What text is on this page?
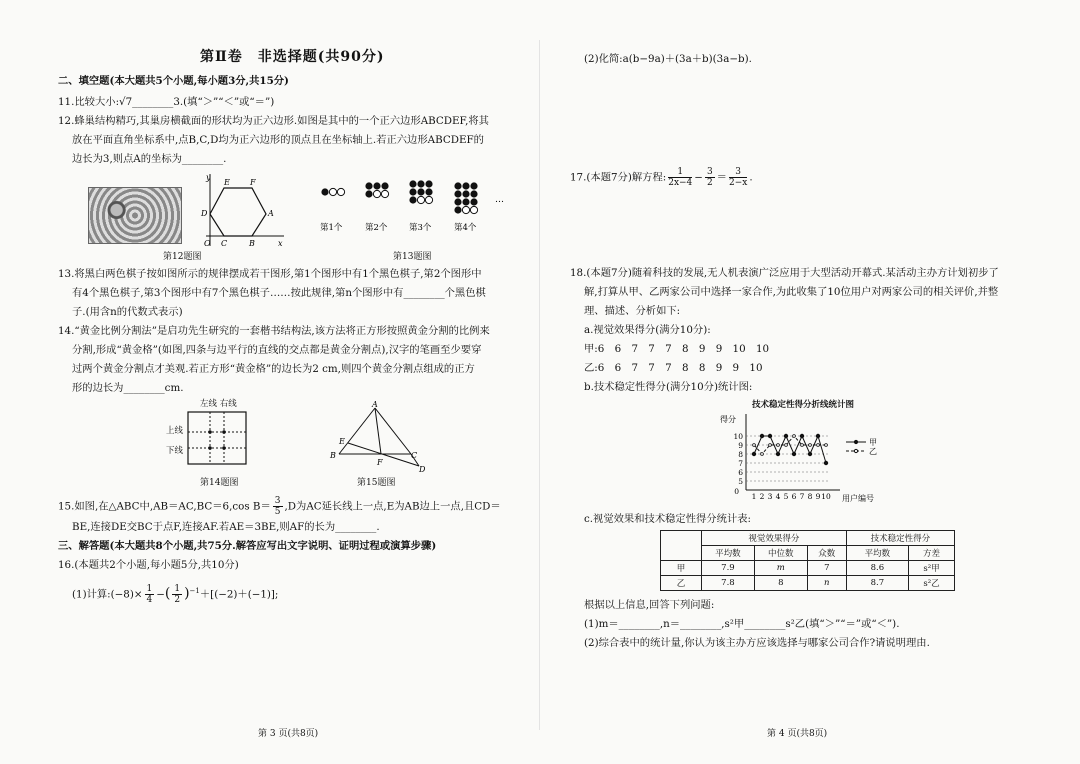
第Ⅱ卷　非选择题(共90分)
二、填空题(本大题共5个小题,每小题3分,共15分)
11.比较大小:√7________3.(填“＞”“＜”或“＝”)
12.蜂巢结构精巧,其巢房横截面的形状均为正六边形.如图是其中的一个正六边形ABCDEF,将其
放在平面直角坐标系中,点B,C,D均为正六边形的顶点且在坐标轴上.若正六边形ABCDEF的
边长为3,则点A的坐标为________.
y
x
O C	B
A
D
E	F
第12题图
…
第1个	第2个	第3个	第4个
第13题图
13.将黑白两色棋子按如图所示的规律摆成若干图形,第1个图形中有1个黑色棋子,第2个图形中
有4个黑色棋子,第3个图形中有7个黑色棋子……按此规律,第n个图形中有________个黑色棋
子.(用含n的代数式表示)
14.“黄金比例分割法”是启功先生研究的一套楷书结构法,该方法将正方形按照黄金分割的比例来
分割,形成“黄金格”(如图,四条与边平行的直线的交点都是黄金分割点),汉字的笔画至少要穿
过两个黄金分割点才美观.若正方形“黄金格”的边长为2 cm,则四个黄金分割点组成的正方
形的边长为________cm.
左线 右线
上线
下线
第14题图
A
B	C
D
E
F
第15题图
15.如图,在△ABC中,AB＝AC,BC＝6,cos $B= \frac{3}{5} ,D$为AC延长线上一点,E为AB边上一点,且CD＝
BE,连接DE交BC于点F,连接AF.若AE＝3BE,则AF的长为________.
三、解答题(本大题共8个小题,共75分.解答应写出文字说明、证明过程或演算步骤)
16.(本题共2个小题,每小题5分,共10分)
(1)计算:(−8)× $\frac{1}{4}$ −( $\frac{1}{2} )^{-1}+[(-2)+(-1)]$;
第 3 页(共8页)
(2)化简:a(b−9a)＋(3a＋b)(3a−b).
17.(本题7分)解方程: $\frac{1}{2x-4} - \frac{3}{2} = \frac{3}{2-x}$ .
18.(本题7分)随着科技的发展,无人机表演广泛应用于大型活动开幕式.某活动主办方计划初步了
解,打算从甲、乙两家公司中选择一家合作,为此收集了10位用户对两家公司的相关评价,并整
理、描述、分析如下:
a.视觉效果得分(满分10分):
甲:6　6　7　7　7　8　9　9　10　10
乙:6　6　7　7　7　8　8　9　9　10
b.技术稳定性得分(满分10分)统计图:
技术稳定性得分折线统计图
得分
用户编号
0
5
6
7
8
9
10
1 2 3 4 5 6 7 8 9 10
甲
乙
c.视觉效果和技术稳定性得分统计表:
	视觉效果得分			技术稳定性得分	
	平均数	中位数	众数	平均数	方差
甲	7.9	m	7	8.6	s²甲
乙	7.8	8	n	8.7	s²乙
根据以上信息,回答下列问题:
(1)m＝________,n＝________,s²甲________s²乙(填“＞”“＝”或“＜”).
(2)综合表中的统计量,你认为该主办方应该选择与哪家公司合作?请说明理由.
第 4 页(共8页)
